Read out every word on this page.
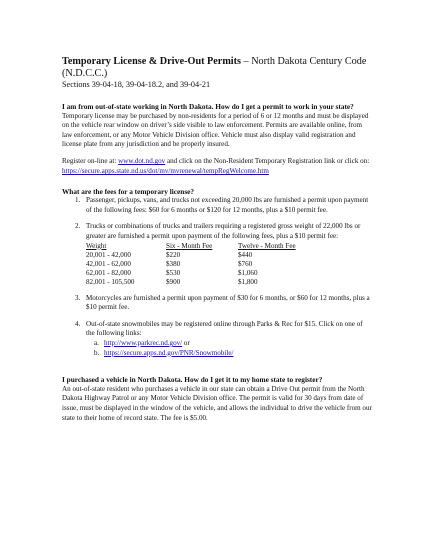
Temporary License & Drive-Out Permits – North Dakota Century Code (N.D.C.C.)

Sections 39-04-18, 39-04-18.2, and 39-04-21

I am from out-of-state working in North Dakota. How do I get a permit to work in your state?

Temporary license may be purchased by non-residents for a period of 6 or 12 months and must be displayed on the vehicle rear window on driver’s side visible to law enforcement. Permits are available online, from law enforcement, or any Motor Vehicle Division office. Vehicle must also display valid registration and license plate from any jurisdiction and be properly insured.

Register on-line at: www.dot.nd.gov and click on the Non-Resident Temporary Registration link or click on: https://secure.apps.state.nd.us/dot/mv/mvrenewal/tempRegWelcome.htm

What are the fees for a temporary license?

1. Passenger, pickups, vans, and trucks not exceeding 20,000 lbs are furnished a permit upon payment of the following fees: $60 for 6 months or $120 for 12 months, plus a $10 permit fee.
2. Trucks or combinations of trucks and trailers requiring a registered gross weight of 22,000 lbs or greater are furnished a permit upon payment of the following fees, plus a $10 permit fee:
Weight	Six - Month Fee	Twelve - Month Fee
20,001 - 42,000	$220	$440
42,001 - 62,000	$380	$760
62,001 - 82,000	$530	$1,060
82,001 - 105,500	$900	$1,800
3. Motorcycles are furnished a permit upon payment of $30 for 6 months, or $60 for 12 months, plus a $10 permit fee.
4. Out-of-state snowmobiles may be registered online through Parks & Rec for $15. Click on one of the following links:
a. http://www.parkrec.nd.gov/ or
b. https://secure.apps.nd.gov/PNR/Snowmobile/

I purchased a vehicle in North Dakota. How do I get it to my home state to register?

An out-of-state resident who purchases a vehicle in our state can obtain a Drive Out permit from the North Dakota Highway Patrol or any Motor Vehicle Division office. The permit is valid for 30 days from date of issue, must be displayed in the window of the vehicle, and allows the individual to drive the vehicle from our state to their home of record state. The fee is $5.00.
